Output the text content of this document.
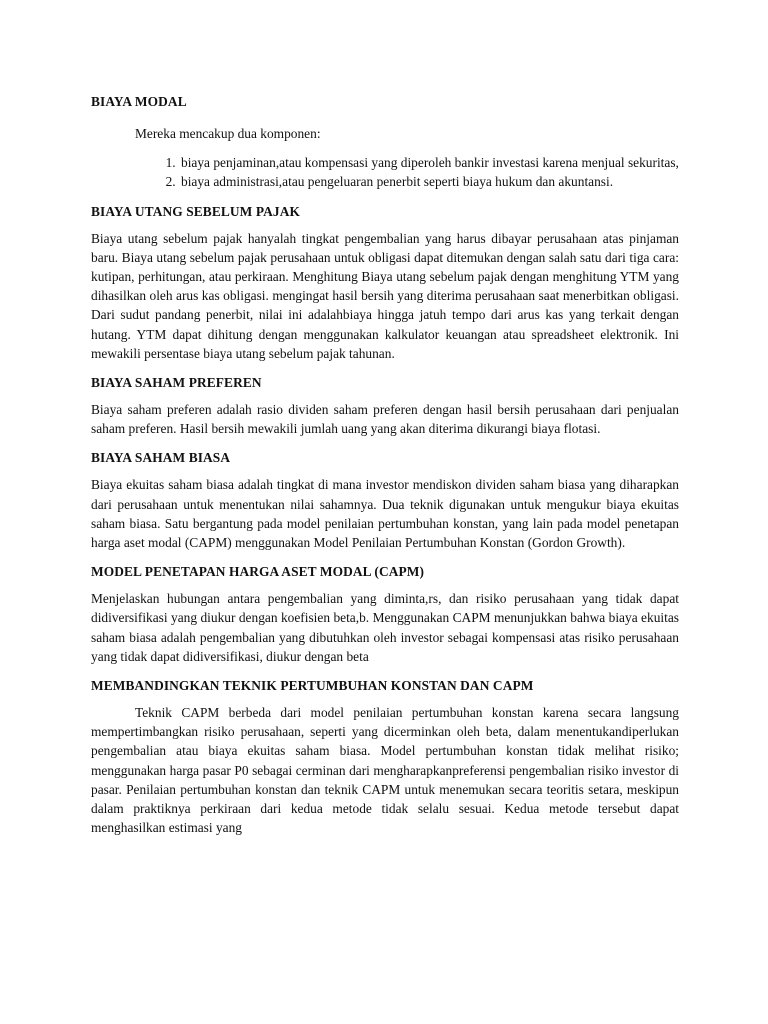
BIAYA MODAL

Mereka mencakup dua komponen:

1. biaya penjaminan,atau kompensasi yang diperoleh bankir investasi karena menjual sekuritas,
2. biaya administrasi,atau pengeluaran penerbit seperti biaya hukum dan akuntansi.
BIAYA UTANG SEBELUM PAJAK

Biaya utang sebelum pajak hanyalah tingkat pengembalian yang harus dibayar perusahaan atas pinjaman baru. Biaya utang sebelum pajak perusahaan untuk obligasi dapat ditemukan dengan salah satu dari tiga cara: kutipan, perhitungan, atau perkiraan. Menghitung Biaya utang sebelum pajak dengan menghitung YTM yang dihasilkan oleh arus kas obligasi. mengingat hasil bersih yang diterima perusahaan saat menerbitkan obligasi. Dari sudut pandang penerbit, nilai ini adalahbiaya hingga jatuh tempo dari arus kas yang terkait dengan hutang. YTM dapat dihitung dengan menggunakan kalkulator keuangan atau spreadsheet elektronik. Ini mewakili persentase biaya utang sebelum pajak tahunan.

BIAYA SAHAM PREFEREN

Biaya saham preferen adalah rasio dividen saham preferen dengan hasil bersih perusahaan dari penjualan saham preferen. Hasil bersih mewakili jumlah uang yang akan diterima dikurangi biaya flotasi.

BIAYA SAHAM BIASA

Biaya ekuitas saham biasa adalah tingkat di mana investor mendiskon dividen saham biasa yang diharapkan dari perusahaan untuk menentukan nilai sahamnya. Dua teknik digunakan untuk mengukur biaya ekuitas saham biasa. Satu bergantung pada model penilaian pertumbuhan konstan, yang lain pada model penetapan harga aset modal (CAPM) menggunakan Model Penilaian Pertumbuhan Konstan (Gordon Growth).

MODEL PENETAPAN HARGA ASET MODAL (CAPM)

Menjelaskan hubungan antara pengembalian yang diminta,rs, dan risiko perusahaan yang tidak dapat didiversifikasi yang diukur dengan koefisien beta,b. Menggunakan CAPM menunjukkan bahwa biaya ekuitas saham biasa adalah pengembalian yang dibutuhkan oleh investor sebagai kompensasi atas risiko perusahaan yang tidak dapat didiversifikasi, diukur dengan beta

MEMBANDINGKAN TEKNIK PERTUMBUHAN KONSTAN DAN CAPM

Teknik CAPM berbeda dari model penilaian pertumbuhan konstan karena secara langsung mempertimbangkan risiko perusahaan, seperti yang dicerminkan oleh beta, dalam menentukandiperlukan pengembalian atau biaya ekuitas saham biasa. Model pertumbuhan konstan tidak melihat risiko; menggunakan harga pasar P0 sebagai cerminan dari mengharapkanpreferensi pengembalian risiko investor di pasar. Penilaian pertumbuhan konstan dan teknik CAPM untuk menemukan secara teoritis setara, meskipun dalam praktiknya perkiraan dari kedua metode tidak selalu sesuai. Kedua metode tersebut dapat menghasilkan estimasi yang
